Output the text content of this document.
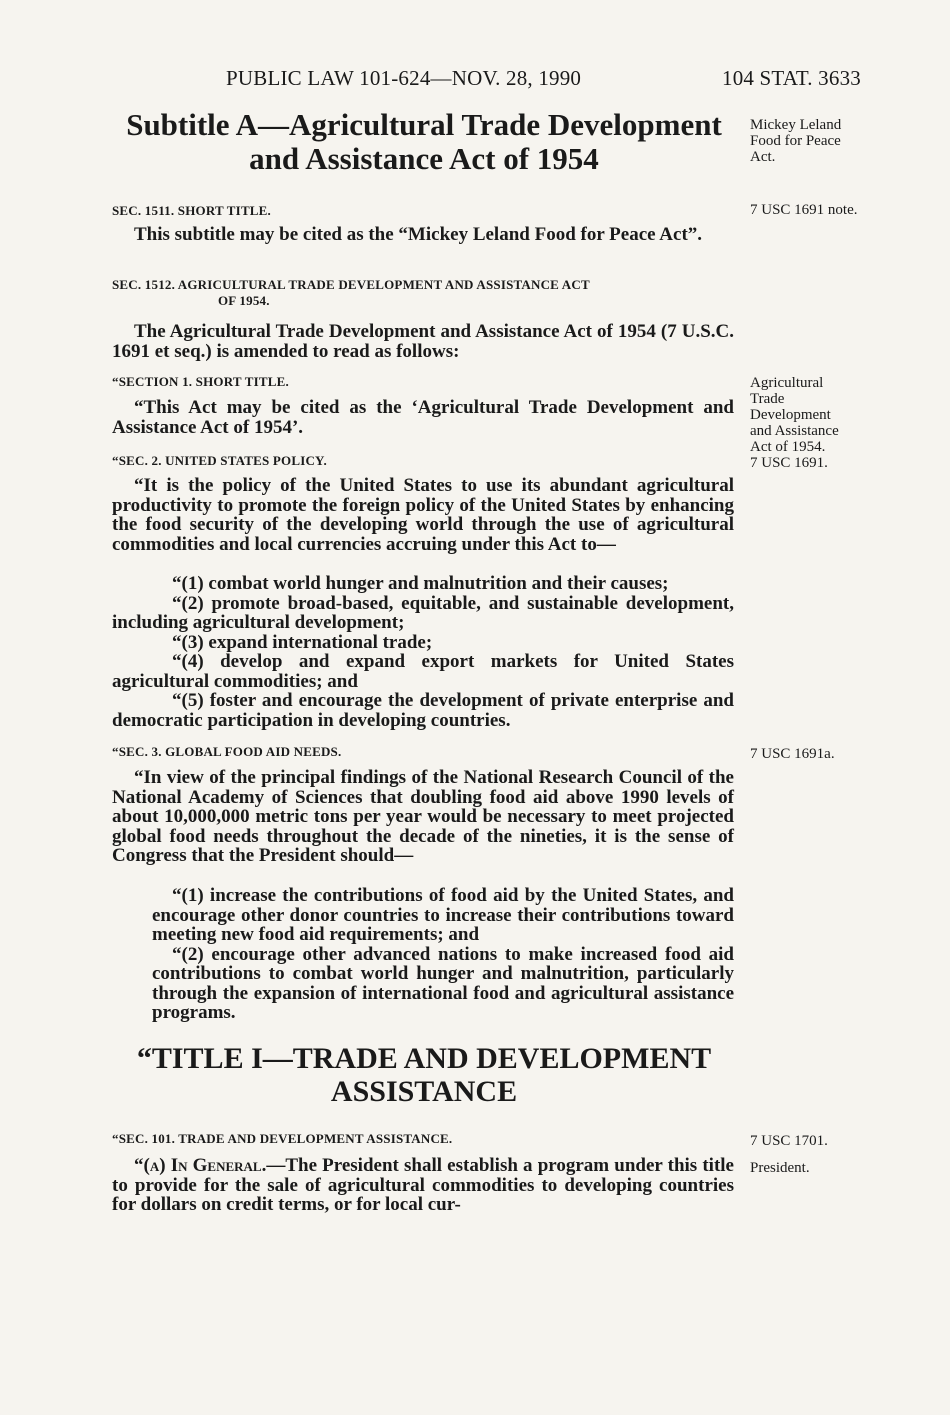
PUBLIC LAW 101-624—NOV. 28, 1990	104 STAT. 3633
Subtitle A—Agricultural Trade Development
and Assistance Act of 1954
Mickey Leland
Food for Peace
Act.
SEC. 1511. SHORT TITLE.	7 USC 1691 note.
This subtitle may be cited as the “Mickey Leland Food for Peace Act”.
SEC. 1512. AGRICULTURAL TRADE DEVELOPMENT AND ASSISTANCE ACT
OF 1954.
The Agricultural Trade Development and Assistance Act of 1954 (7 U.S.C. 1691 et seq.) is amended to read as follows:
“SECTION 1. SHORT TITLE.	Agricultural
Trade
Development
and Assistance
Act of 1954.
7 USC 1691.
“This Act may be cited as the ‘Agricultural Trade Development and Assistance Act of 1954’.
“SEC. 2. UNITED STATES POLICY.
“It is the policy of the United States to use its abundant agricultural productivity to promote the foreign policy of the United States by enhancing the food security of the developing world through the use of agricultural commodities and local currencies accruing under this Act to—
“(1) combat world hunger and malnutrition and their causes;
“(2) promote broad-based, equitable, and sustainable development, including agricultural development;
“(3) expand international trade;
“(4) develop and expand export markets for United States agricultural commodities; and
“(5) foster and encourage the development of private enterprise and democratic participation in developing countries.
“SEC. 3. GLOBAL FOOD AID NEEDS.	7 USC 1691a.
“In view of the principal findings of the National Research Council of the National Academy of Sciences that doubling food aid above 1990 levels of about 10,000,000 metric tons per year would be necessary to meet projected global food needs throughout the decade of the nineties, it is the sense of Congress that the President should—
“(1) increase the contributions of food aid by the United States, and encourage other donor countries to increase their contributions toward meeting new food aid requirements; and
“(2) encourage other advanced nations to make increased food aid contributions to combat world hunger and malnutrition, particularly through the expansion of international food and agricultural assistance programs.
“TITLE I—TRADE AND DEVELOPMENT
ASSISTANCE
“SEC. 101. TRADE AND DEVELOPMENT ASSISTANCE.	7 USC 1701.
President.
“(a) In General.—The President shall establish a program under this title to provide for the sale of agricultural commodities to developing countries for dollars on credit terms, or for local cur-
